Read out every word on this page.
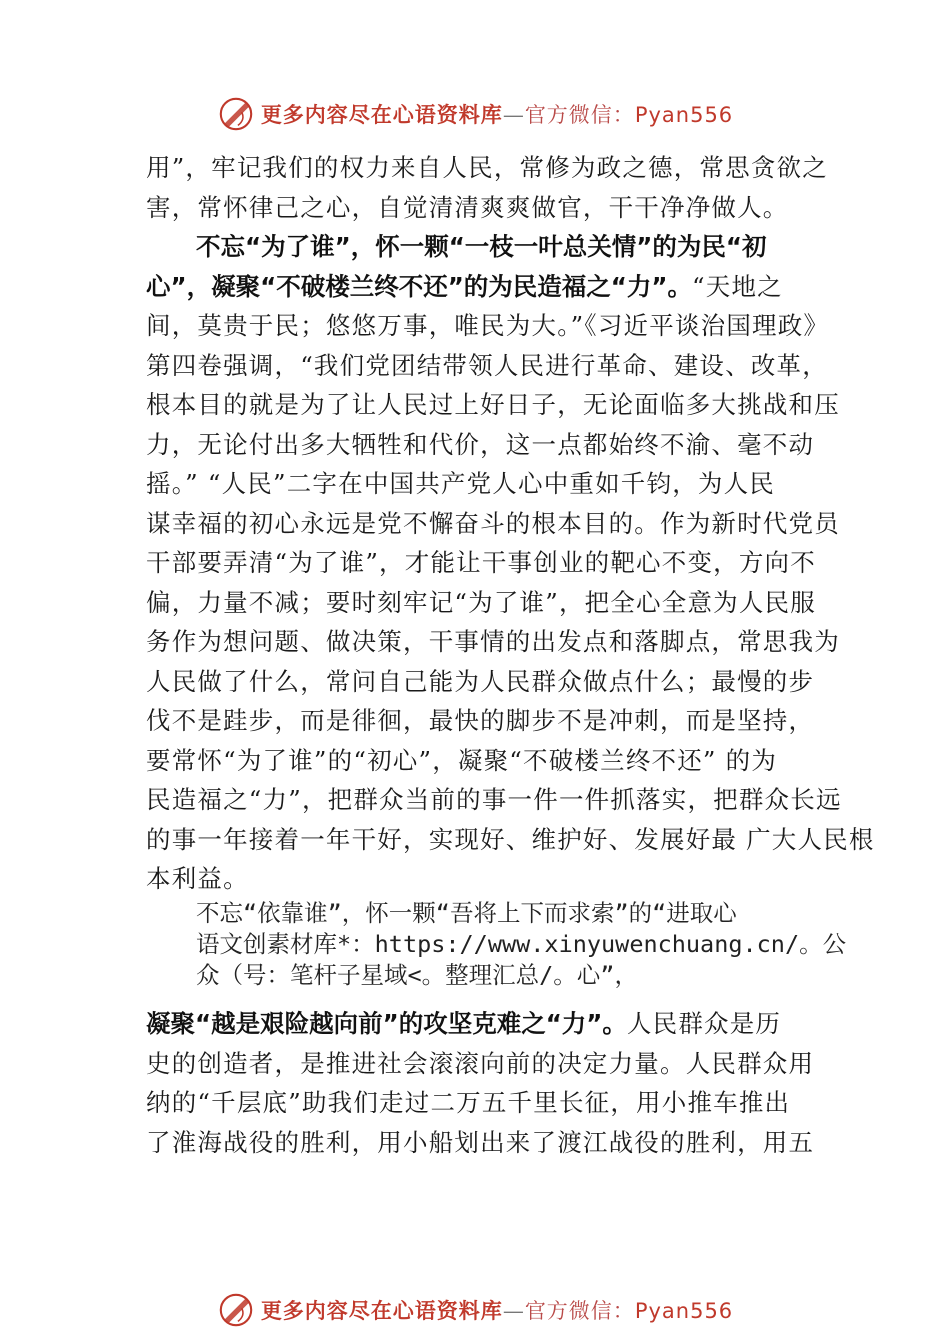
更多内容尽在心语资料库—官方微信：Pyan556
用”，牢记我们的权力来自人民，常修为政之德，常思贪欲之
害，常怀律己之心，自觉清清爽爽做官，干干净净做人。
不忘“为了谁”，怀一颗“一枝一叶总关情”的为民“初
心”，凝聚“不破楼兰终不还”的为民造福之“力”。“天地之
间，莫贵于民；悠悠万事，唯民为大。”《习近平谈治国理政》
第四卷强调，“我们党团结带领人民进行革命、建设、改革，
根本目的就是为了让人民过上好日子，无论面临多大挑战和压
力，无论付出多大牺牲和代价，这一点都始终不渝、毫不动
摇。” “人民”二字在中国共产党人心中重如千钧，为人民
谋幸福的初心永远是党不懈奋斗的根本目的。作为新时代党员
干部要弄清“为了谁”，才能让干事创业的靶心不变，方向不
偏，力量不减；要时刻牢记“为了谁”，把全心全意为人民服
务作为想问题、做决策，干事情的出发点和落脚点，常思我为
人民做了什么，常问自己能为人民群众做点什么；最慢的步
伐不是跬步，而是徘徊，最快的脚步不是冲刺，而是坚持，
要常怀“为了谁”的“初心”，凝聚“不破楼兰终不还” 的为
民造福之“力”，把群众当前的事一件一件抓落实，把群众长远
的事一年接着一年干好，实现好、维护好、发展好最 广大人民根
本利益。
不忘“依靠谁”，怀一颗“吾将上下而求索”的“进取心
语文创素材库*：https://www.xinyuwenchuang.cn/。公
众（号：笔杆子星域<。整理汇总/。心”，
凝聚“越是艰险越向前”的攻坚克难之“力”。人民群众是历
史的创造者，是推进社会滚滚向前的决定力量。人民群众用
纳的“千层底”助我们走过二万五千里长征，用小推车推出
了淮海战役的胜利，用小船划出来了渡江战役的胜利，用五
更多内容尽在心语资料库—官方微信：Pyan556
